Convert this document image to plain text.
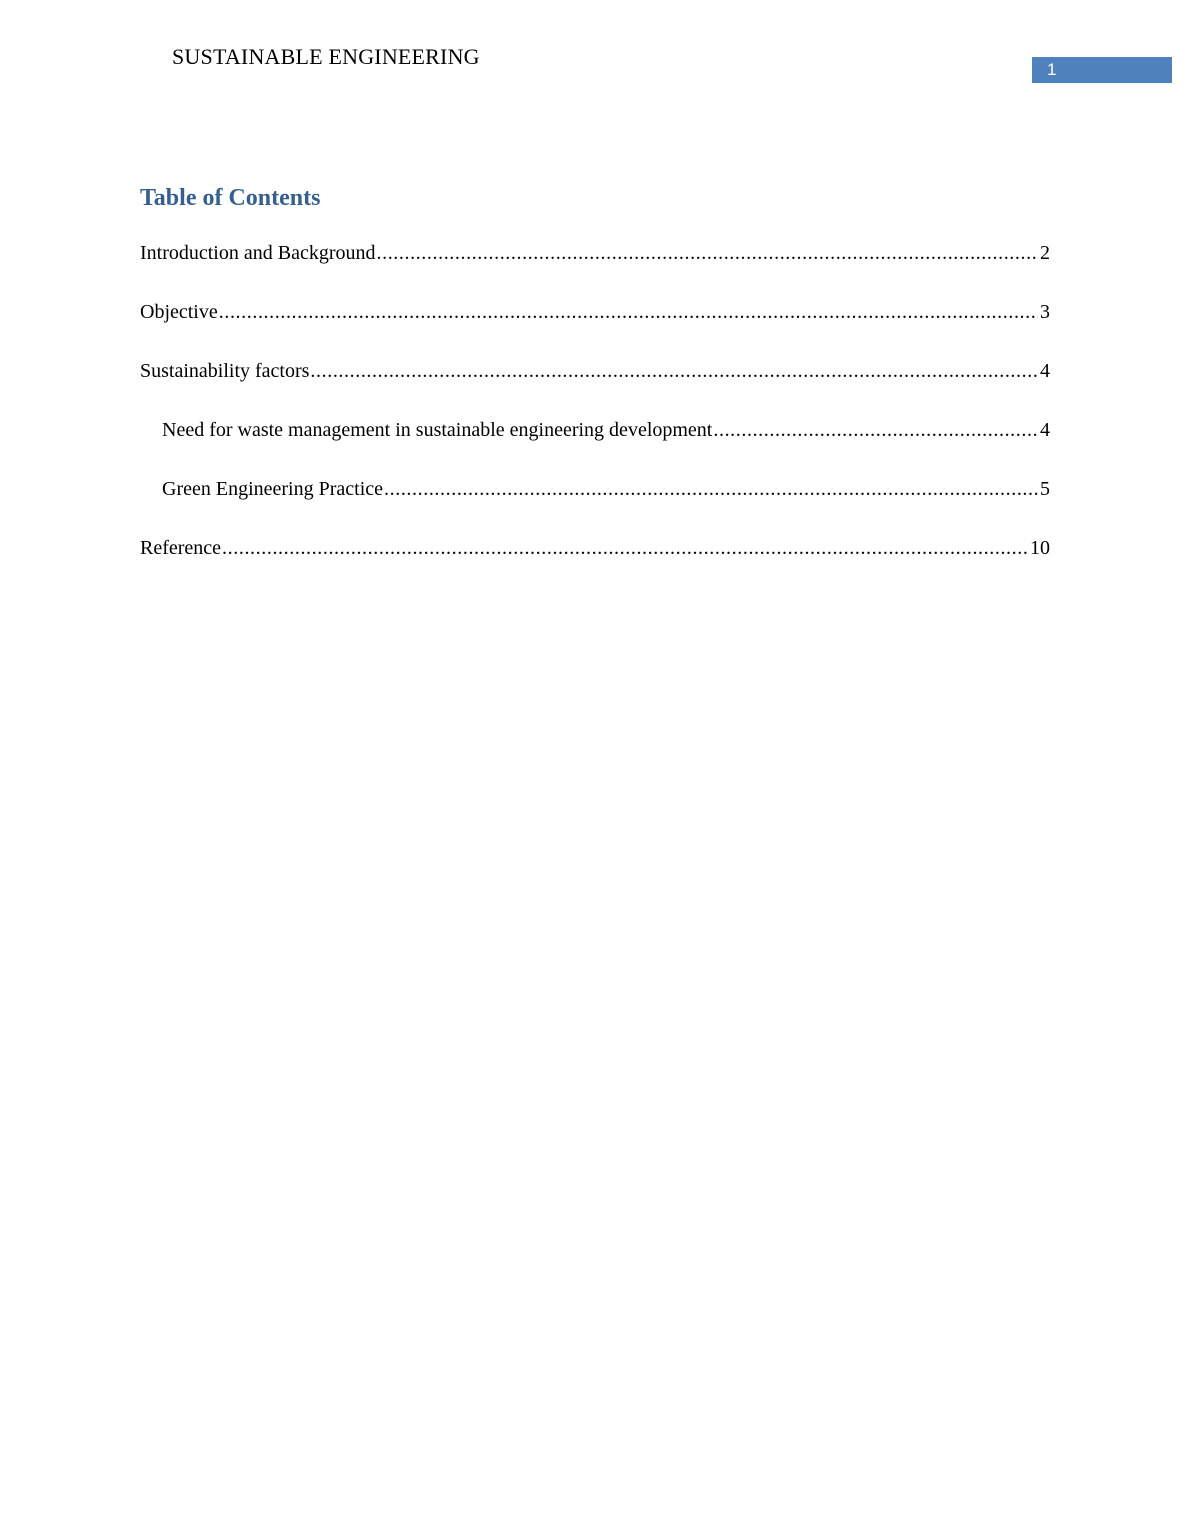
SUSTAINABLE ENGINEERING
1
Table of Contents
Introduction and Background .....	2
Objective .....	3
Sustainability factors .....	4
Need for waste management in sustainable engineering development .....	4
Green Engineering Practice .....	5
Reference .....	10
